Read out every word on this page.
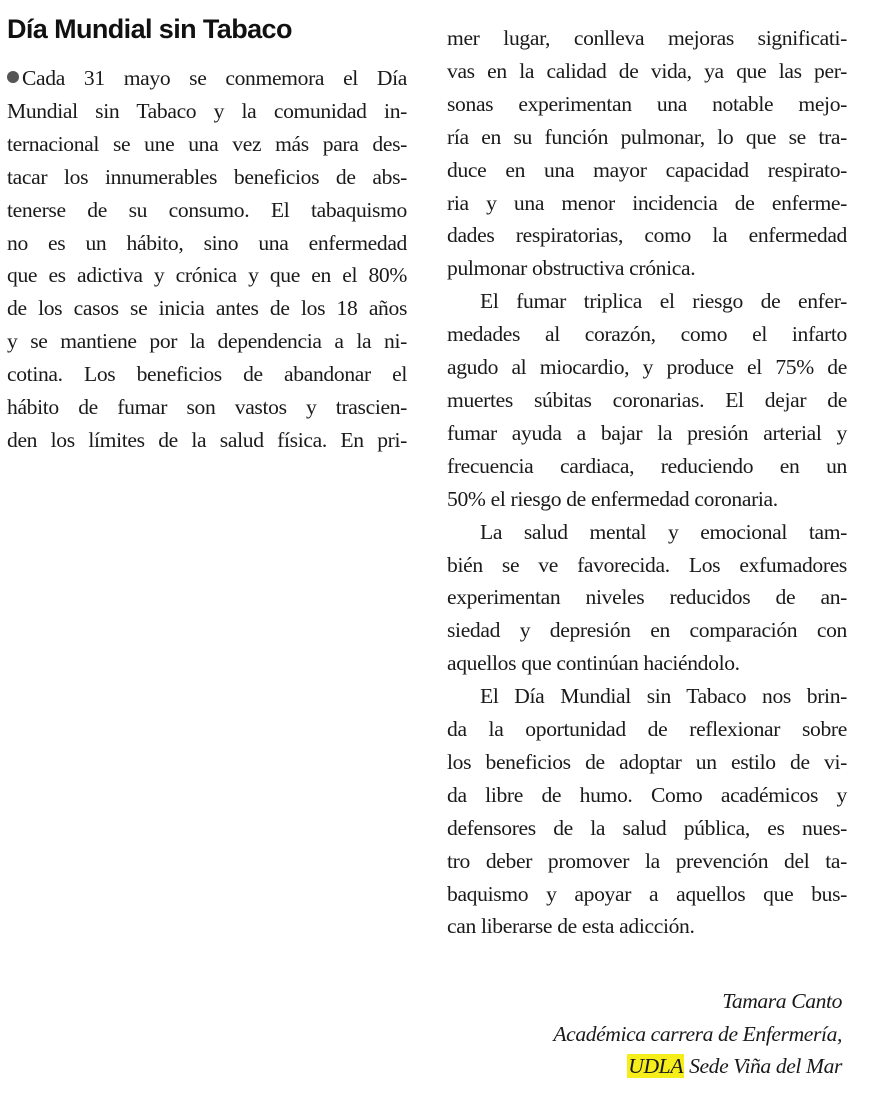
Día Mundial sin Tabaco
Cada 31 mayo se conmemora el Día
Mundial sin Tabaco y la comunidad in-
ternacional se une una vez más para des-
tacar los innumerables beneficios de abs-
tenerse de su consumo. El tabaquismo
no es un hábito, sino una enfermedad
que es adictiva y crónica y que en el 80%
de los casos se inicia antes de los 18 años
y se mantiene por la dependencia a la ni-
cotina. Los beneficios de abandonar el
hábito de fumar son vastos y trascien-
den los límites de la salud física. En pri-
mer lugar, conlleva mejoras significati-
vas en la calidad de vida, ya que las per-
sonas experimentan una notable mejo-
ría en su función pulmonar, lo que se tra-
duce en una mayor capacidad respirato-
ria y una menor incidencia de enferme-
dades respiratorias, como la enfermedad
pulmonar obstructiva crónica.
El fumar triplica el riesgo de enfer-
medades al corazón, como el infarto
agudo al miocardio, y produce el 75% de
muertes súbitas coronarias. El dejar de
fumar ayuda a bajar la presión arterial y
frecuencia cardiaca, reduciendo en un
50% el riesgo de enfermedad coronaria.
La salud mental y emocional tam-
bién se ve favorecida. Los exfumadores
experimentan niveles reducidos de an-
siedad y depresión en comparación con
aquellos que continúan haciéndolo.
El Día Mundial sin Tabaco nos brin-
da la oportunidad de reflexionar sobre
los beneficios de adoptar un estilo de vi-
da libre de humo. Como académicos y
defensores de la salud pública, es nues-
tro deber promover la prevención del ta-
baquismo y apoyar a aquellos que bus-
can liberarse de esta adicción.
Tamara Canto
Académica carrera de Enfermería,
UDLA Sede Viña del Mar
